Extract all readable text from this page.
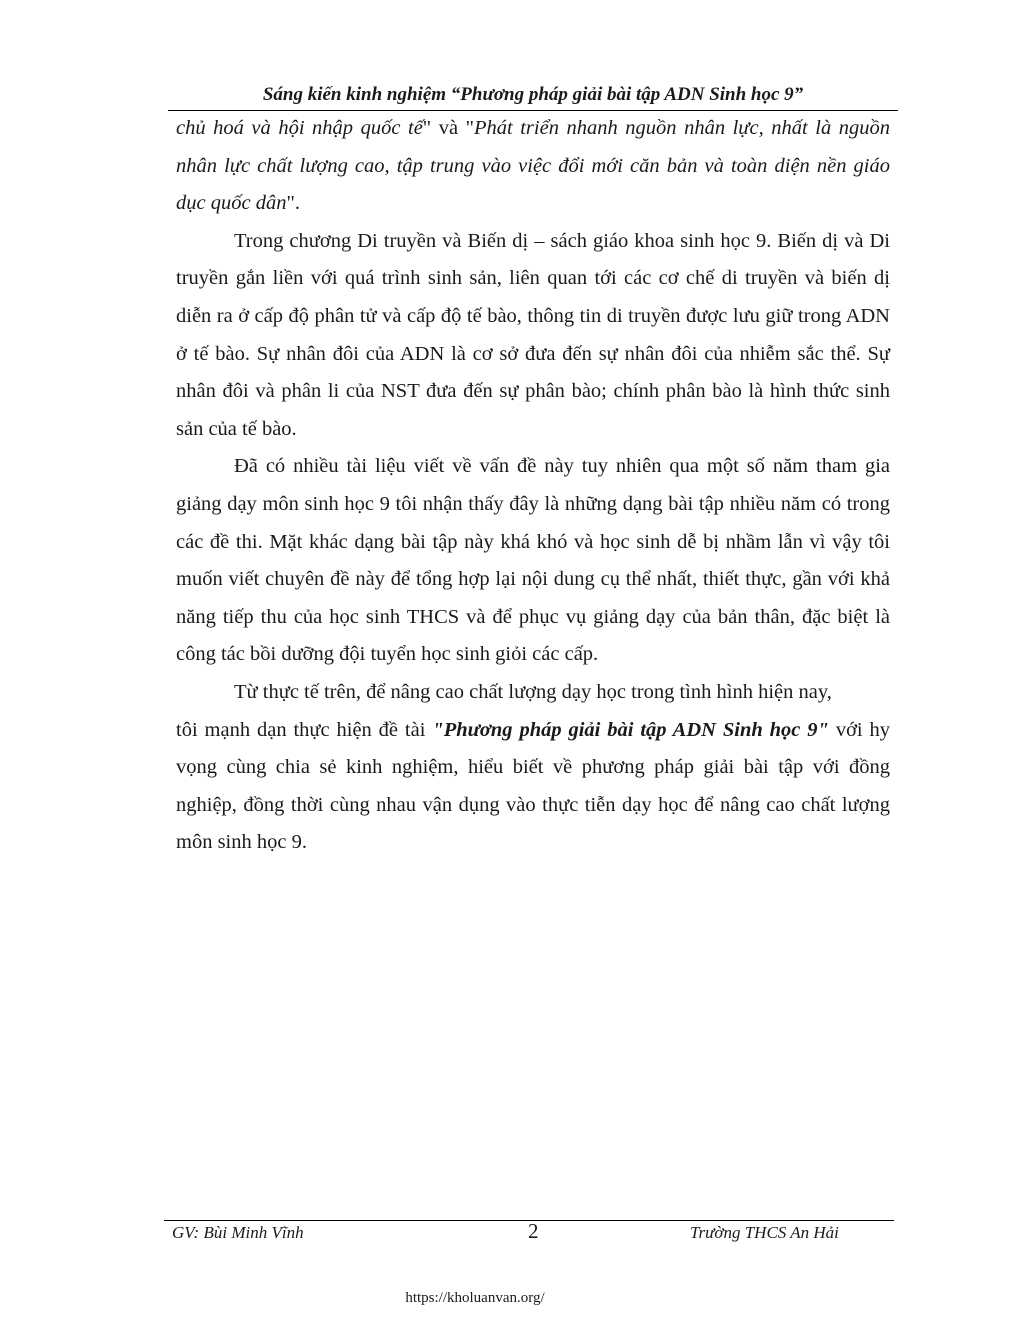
Sáng kiến kinh nghiệm “Phương pháp giải bài tập ADN Sinh học 9”

chủ hoá và hội nhập quốc tế" và "Phát triển nhanh nguồn nhân lực, nhất là nguồn nhân lực chất lượng cao, tập trung vào việc đổi mới căn bản và toàn diện nền giáo dục quốc dân".

Trong chương Di truyền và Biến dị – sách giáo khoa sinh học 9. Biến dị và Di truyền gắn liền với quá trình sinh sản, liên quan tới các cơ chế di truyền và biến dị diễn ra ở cấp độ phân tử và cấp độ tế bào, thông tin di truyền được lưu giữ trong ADN ở tế bào. Sự nhân đôi của ADN là cơ sở đưa đến sự nhân đôi của nhiễm sắc thể. Sự nhân đôi và phân li của NST đưa đến sự phân bào; chính phân bào là hình thức sinh sản của tế bào.

Đã có nhiều tài liệu viết về vấn đề này tuy nhiên qua một số năm tham gia giảng dạy môn sinh học 9 tôi nhận thấy đây là những dạng bài tập nhiều năm có trong các đề thi. Mặt khác dạng bài tập này khá khó và học sinh dễ bị nhầm lẫn vì vậy tôi muốn viết chuyên đề này để tổng hợp lại nội dung cụ thể nhất, thiết thực, gần với khả năng tiếp thu của học sinh THCS và để phục vụ giảng dạy của bản thân, đặc biệt là công tác bồi dưỡng đội tuyển học sinh giỏi các cấp.

Từ thực tế trên, để nâng cao chất lượng dạy học trong tình hình hiện nay,

tôi mạnh dạn thực hiện đề tài "Phương pháp giải bài tập ADN Sinh học 9" với hy vọng cùng chia sẻ kinh nghiệm, hiểu biết về phương pháp giải bài tập với đồng nghiệp, đồng thời cùng nhau vận dụng vào thực tiễn dạy học để nâng cao chất lượng môn sinh học 9.

GV: Bùi Minh Vĩnh	2	Trường THCS An Hải
https://kholuanvan.org/
